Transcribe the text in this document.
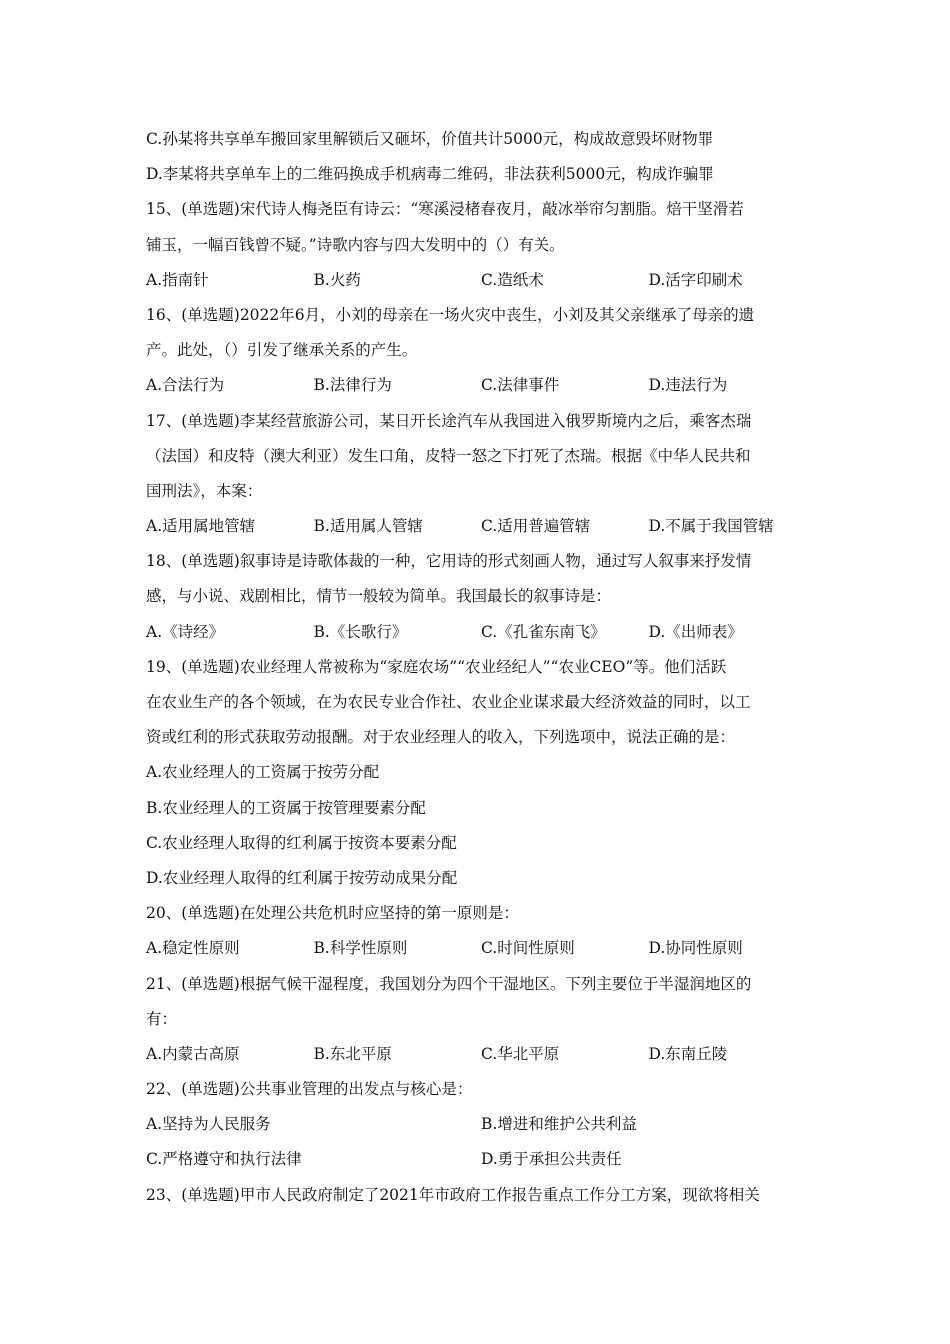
C.孙某将共享单车搬回家里解锁后又砸坏，价值共计5000元，构成故意毁坏财物罪
D.李某将共享单车上的二维码换成手机病毒二维码，非法获利5000元，构成诈骗罪
15、(单选题)宋代诗人梅尧臣有诗云：“寒溪浸楮春夜月，敲冰举帘匀割脂。焙干坚滑若
铺玉，一幅百钱曾不疑。”诗歌内容与四大发明中的（）有关。
A.指南针	B.火药	C.造纸术	D.活字印刷术
16、(单选题)2022年6月，小刘的母亲在一场火灾中丧生，小刘及其父亲继承了母亲的遗
产。此处，（）引发了继承关系的产生。
A.合法行为	B.法律行为	C.法律事件	D.违法行为
17、(单选题)李某经营旅游公司，某日开长途汽车从我国进入俄罗斯境内之后，乘客杰瑞
（法国）和皮特（澳大利亚）发生口角，皮特一怒之下打死了杰瑞。根据《中华人民共和
国刑法》，本案：
A.适用属地管辖	B.适用属人管辖	C.适用普遍管辖	D.不属于我国管辖
18、(单选题)叙事诗是诗歌体裁的一种，它用诗的形式刻画人物，通过写人叙事来抒发情
感，与小说、戏剧相比，情节一般较为简单。我国最长的叙事诗是：
A.《诗经》	B.《长歌行》	C.《孔雀东南飞》	D.《出师表》
19、(单选题)农业经理人常被称为“家庭农场”“农业经纪人”“农业CEO”等。他们活跃
在农业生产的各个领域，在为农民专业合作社、农业企业谋求最大经济效益的同时，以工
资或红利的形式获取劳动报酬。对于农业经理人的收入，下列选项中，说法正确的是：
A.农业经理人的工资属于按劳分配
B.农业经理人的工资属于按管理要素分配
C.农业经理人取得的红利属于按资本要素分配
D.农业经理人取得的红利属于按劳动成果分配
20、(单选题)在处理公共危机时应坚持的第一原则是：
A.稳定性原则	B.科学性原则	C.时间性原则	D.协同性原则
21、(单选题)根据气候干湿程度，我国划分为四个干湿地区。下列主要位于半湿润地区的
有：
A.内蒙古高原	B.东北平原	C.华北平原	D.东南丘陵
22、(单选题)公共事业管理的出发点与核心是：
A.坚持为人民服务	B.增进和维护公共利益
C.严格遵守和执行法律	D.勇于承担公共责任
23、(单选题)甲市人民政府制定了2021年市政府工作报告重点工作分工方案，现欲将相关
